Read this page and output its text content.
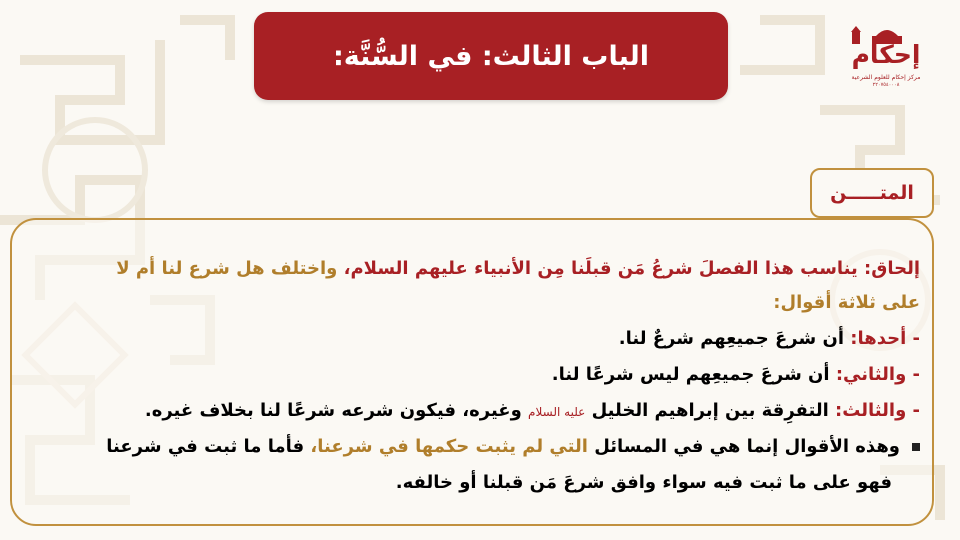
الباب الثالث: في السُّنَّة:	إحكام
مركز إحكام للعلوم الشرعية
٢٢٠٧٥٤٠٠٠٨
المتـــــن
إلحاق: يناسب هذا الفصلَ شرعُ مَن قبلَنا مِن الأنبياء عليهم السلام، واختلف هل شرع لنا أم لا
على ثلاثة أقوال:
- أحدها: أن شرعَ جميعِهم شرعٌ لنا.
- والثاني: أن شرعَ جميعِهم ليس شرعًا لنا.
- والثالث: التفرِقة بين إبراهيم الخليل عليه السلام وغيره، فيكون شرعه شرعًا لنا بخلاف غيره.
وهذه الأقوال إنما هي في المسائل التي لم يثبت حكمها في شرعنا، فأما ما ثبت في شرعنا
فهو على ما ثبت فيه سواء وافق شرعَ مَن قبلنا أو خالفه.
